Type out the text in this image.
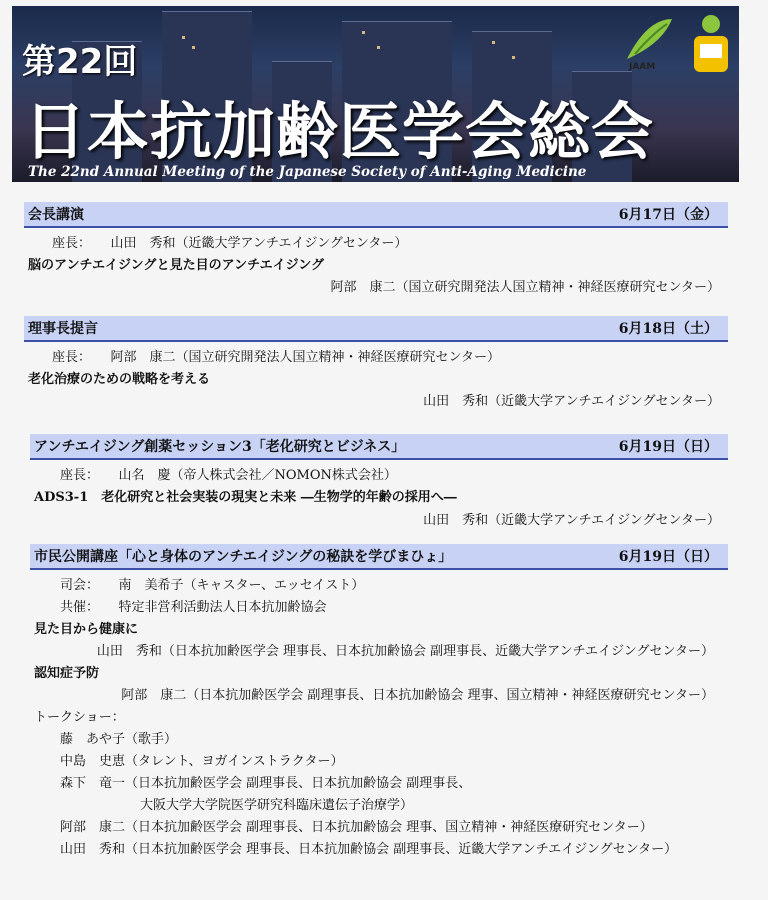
第22回
日本抗加齢医学会総会
The 22nd Annual Meeting of the Japanese Society of Anti-Aging Medicine
JAAM
会長講演	6月17日（金）
座長：　　山田　秀和（近畿大学アンチエイジングセンター）
脳のアンチエイジングと見た目のアンチエイジング
阿部　康二（国立研究開発法人国立精神・神経医療研究センター）
理事長提言	6月18日（土）
座長：　　阿部　康二（国立研究開発法人国立精神・神経医療研究センター）
老化治療のための戦略を考える
山田　秀和（近畿大学アンチエイジングセンター）
アンチエイジング創薬セッション3「老化研究とビジネス」	6月19日（日）
座長：　　山名　慶（帝人株式会社／NOMON株式会社）
ADS3-1　老化研究と社会実装の現実と未来 ―生物学的年齢の採用へ―
山田　秀和（近畿大学アンチエイジングセンター）
市民公開講座「心と身体のアンチエイジングの秘訣を学びまひょ」	6月19日（日）
司会：　　南　美希子（キャスター、エッセイスト）
共催：　　特定非営利活動法人日本抗加齢協会
見た目から健康に
山田　秀和（日本抗加齢医学会 理事長、日本抗加齢協会 副理事長、近畿大学アンチエイジングセンター）
認知症予防
阿部　康二（日本抗加齢医学会 副理事長、日本抗加齢協会 理事、国立精神・神経医療研究センター）
トークショー：
藤　あや子（歌手）
中島　史恵（タレント、ヨガインストラクター）
森下　竜一（日本抗加齢医学会 副理事長、日本抗加齢協会 副理事長、
大阪大学大学院医学研究科臨床遺伝子治療学）
阿部　康二（日本抗加齢医学会 副理事長、日本抗加齢協会 理事、国立精神・神経医療研究センター）
山田　秀和（日本抗加齢医学会 理事長、日本抗加齢協会 副理事長、近畿大学アンチエイジングセンター）
